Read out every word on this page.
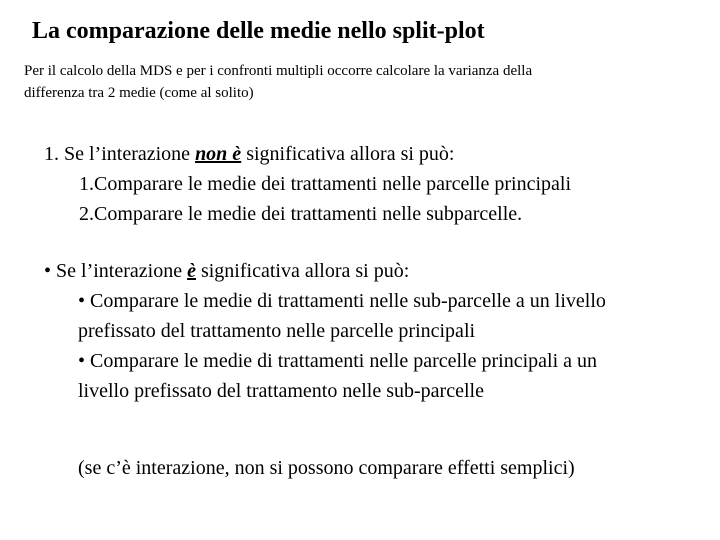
La comparazione delle medie nello split-plot
Per il calcolo della MDS e per i confronti multipli occorre calcolare la varianza della
differenza tra 2 medie (come al solito)
1. Se l’interazione non è significativa allora si può:
1.Comparare le medie dei trattamenti nelle parcelle principali
2.Comparare le medie dei trattamenti nelle subparcelle.
• Se l’interazione è significativa allora si può:
• Comparare le medie di trattamenti nelle sub-parcelle a un livello
prefissato del trattamento nelle parcelle principali
• Comparare le medie di trattamenti nelle parcelle principali a un
livello prefissato del trattamento nelle sub-parcelle
(se c’è interazione, non si possono comparare effetti semplici)
